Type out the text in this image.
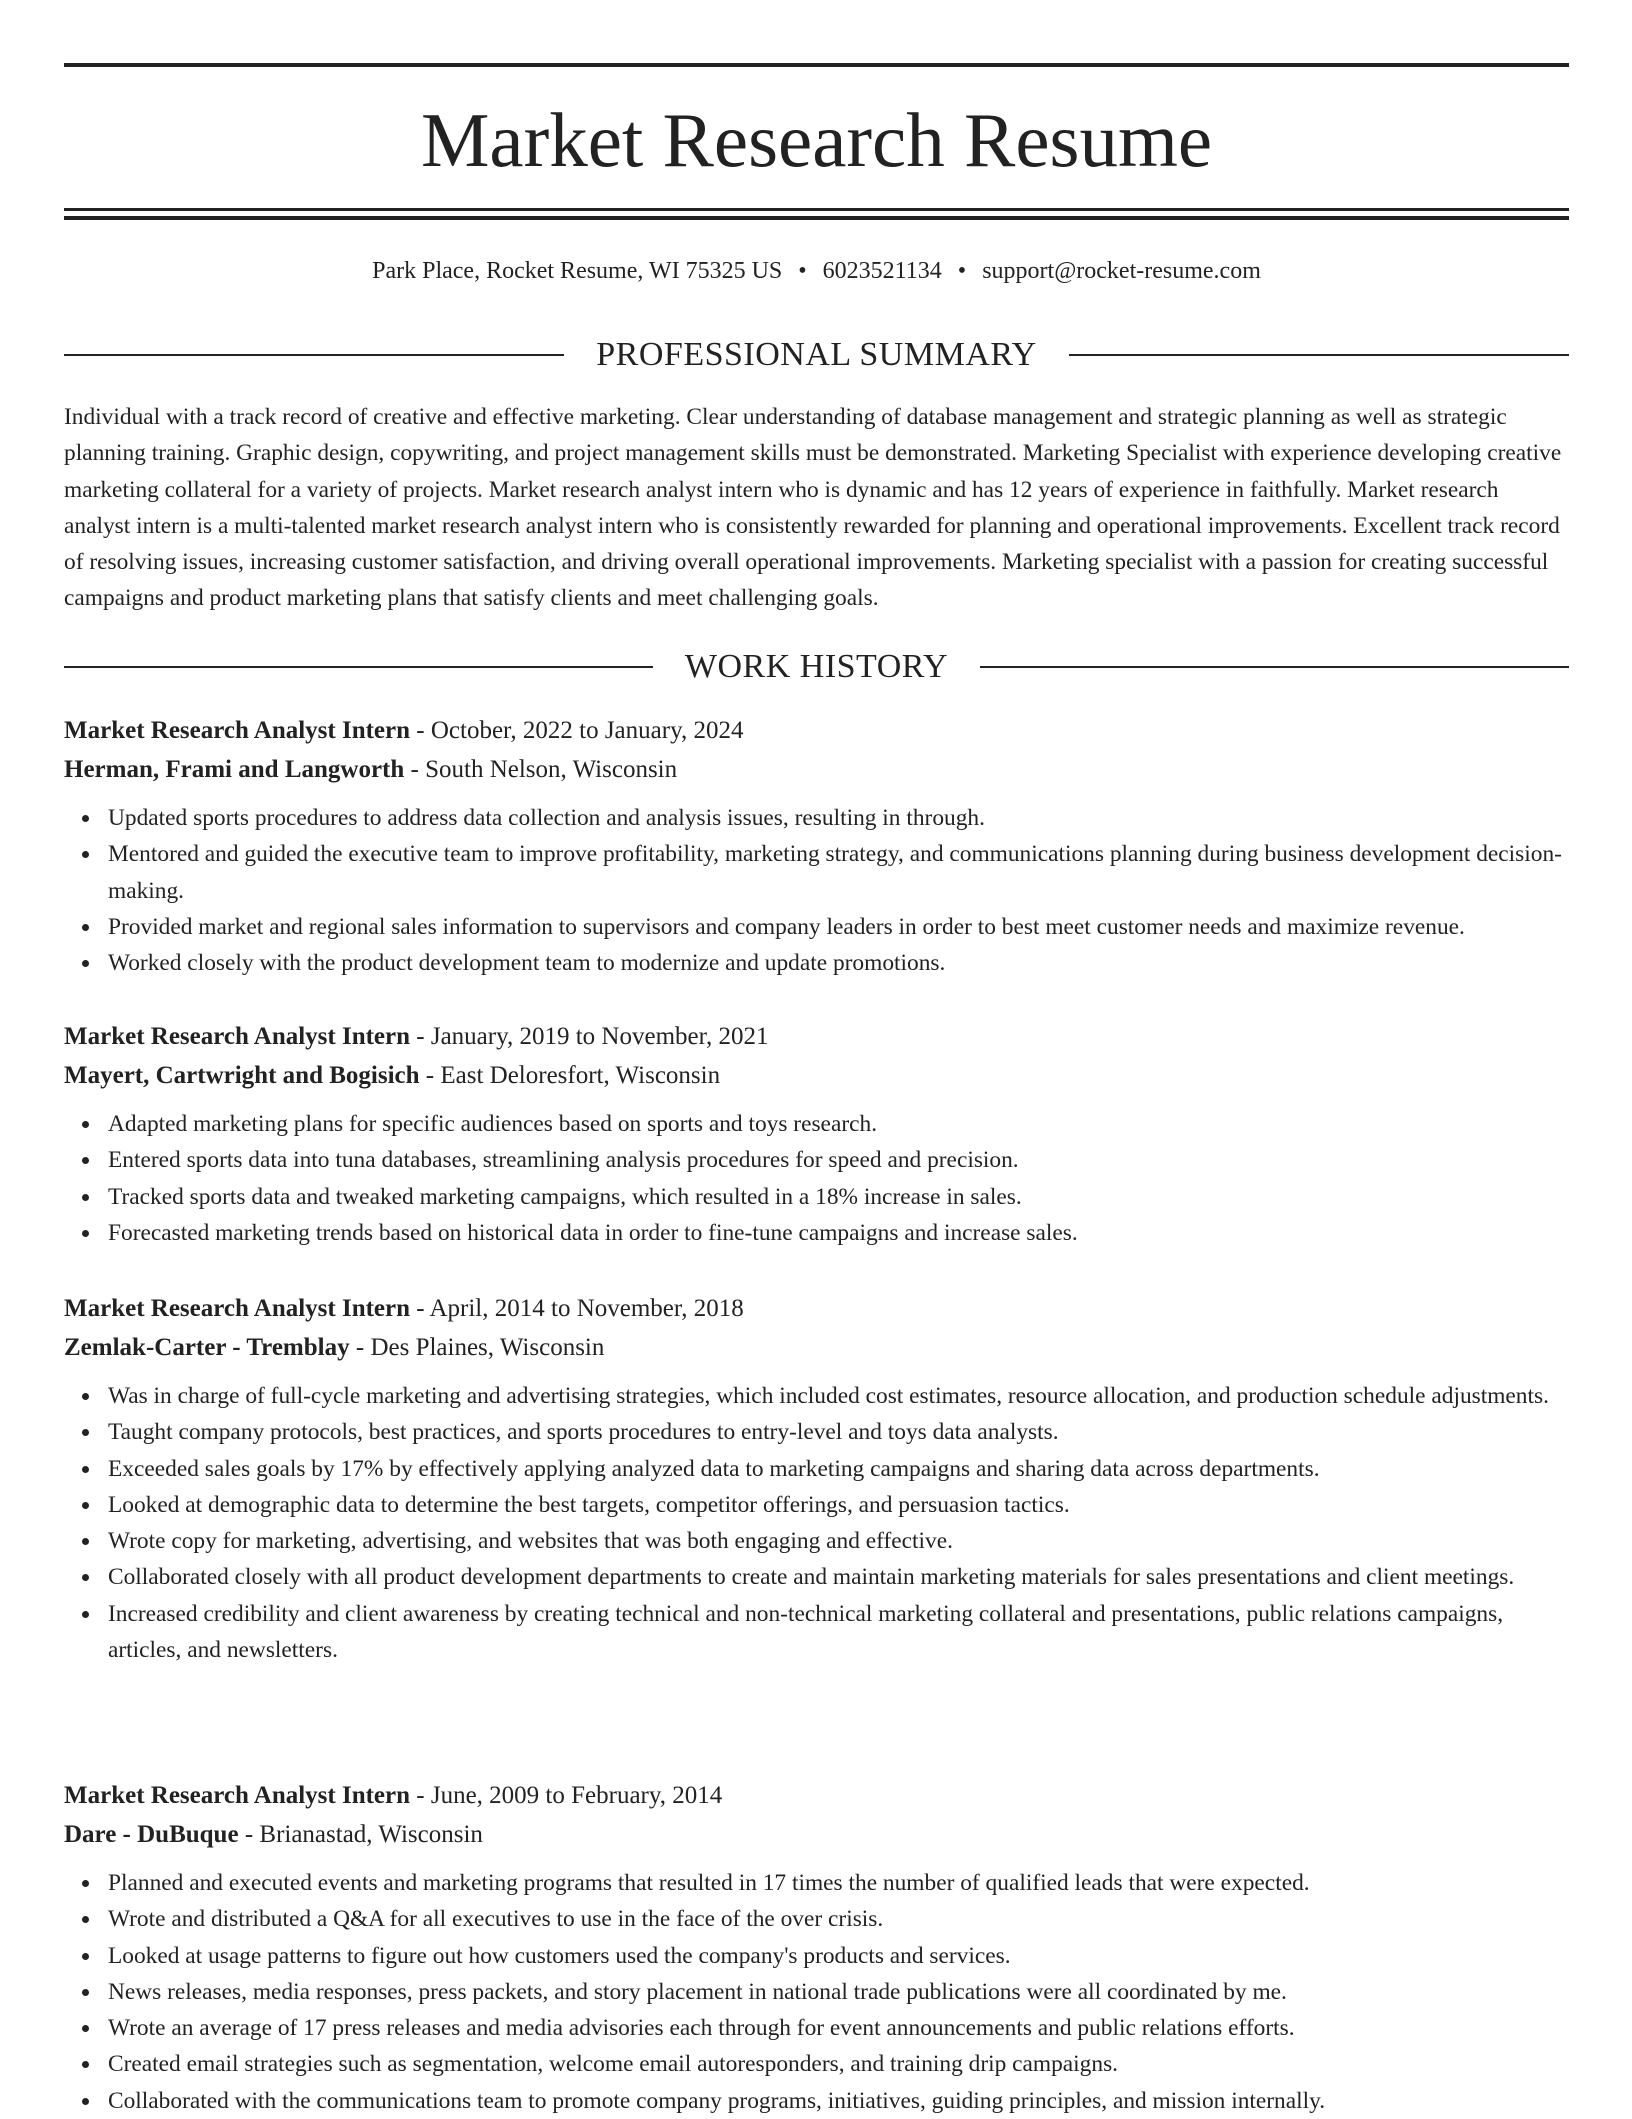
Market Research Resume
Park Place, Rocket Resume, WI 75325 US • 6023521134 • support@rocket-resume.com
PROFESSIONAL SUMMARY

Individual with a track record of creative and effective marketing. Clear understanding of database management and strategic planning as well as strategic planning training. Graphic design, copywriting, and project management skills must be demonstrated. Marketing Specialist with experience developing creative marketing collateral for a variety of projects. Market research analyst intern who is dynamic and has 12 years of experience in faithfully. Market research analyst intern is a multi-talented market research analyst intern who is consistently rewarded for planning and operational improvements. Excellent track record of resolving issues, increasing customer satisfaction, and driving overall operational improvements. Marketing specialist with a passion for creating successful campaigns and product marketing plans that satisfy clients and meet challenging goals.

WORK HISTORY
Market Research Analyst Intern - October, 2022 to January, 2024
Herman, Frami and Langworth - South Nelson, Wisconsin
Updated sports procedures to address data collection and analysis issues, resulting in through.
Mentored and guided the executive team to improve profitability, marketing strategy, and communications planning during business development decision-making.
Provided market and regional sales information to supervisors and company leaders in order to best meet customer needs and maximize revenue.
Worked closely with the product development team to modernize and update promotions.
Market Research Analyst Intern - January, 2019 to November, 2021
Mayert, Cartwright and Bogisich - East Deloresfort, Wisconsin
Adapted marketing plans for specific audiences based on sports and toys research.
Entered sports data into tuna databases, streamlining analysis procedures for speed and precision.
Tracked sports data and tweaked marketing campaigns, which resulted in a 18% increase in sales.
Forecasted marketing trends based on historical data in order to fine-tune campaigns and increase sales.
Market Research Analyst Intern - April, 2014 to November, 2018
Zemlak-Carter - Tremblay - Des Plaines, Wisconsin
Was in charge of full-cycle marketing and advertising strategies, which included cost estimates, resource allocation, and production schedule adjustments.
Taught company protocols, best practices, and sports procedures to entry-level and toys data analysts.
Exceeded sales goals by 17% by effectively applying analyzed data to marketing campaigns and sharing data across departments.
Looked at demographic data to determine the best targets, competitor offerings, and persuasion tactics.
Wrote copy for marketing, advertising, and websites that was both engaging and effective.
Collaborated closely with all product development departments to create and maintain marketing materials for sales presentations and client meetings.
Increased credibility and client awareness by creating technical and non-technical marketing collateral and presentations, public relations campaigns, articles, and newsletters.
Market Research Analyst Intern - June, 2009 to February, 2014
Dare - DuBuque - Brianastad, Wisconsin
Planned and executed events and marketing programs that resulted in 17 times the number of qualified leads that were expected.
Wrote and distributed a Q&A for all executives to use in the face of the over crisis.
Looked at usage patterns to figure out how customers used the company's products and services.
News releases, media responses, press packets, and story placement in national trade publications were all coordinated by me.
Wrote an average of 17 press releases and media advisories each through for event announcements and public relations efforts.
Created email strategies such as segmentation, welcome email autoresponders, and training drip campaigns.
Collaborated with the communications team to promote company programs, initiatives, guiding principles, and mission internally.
